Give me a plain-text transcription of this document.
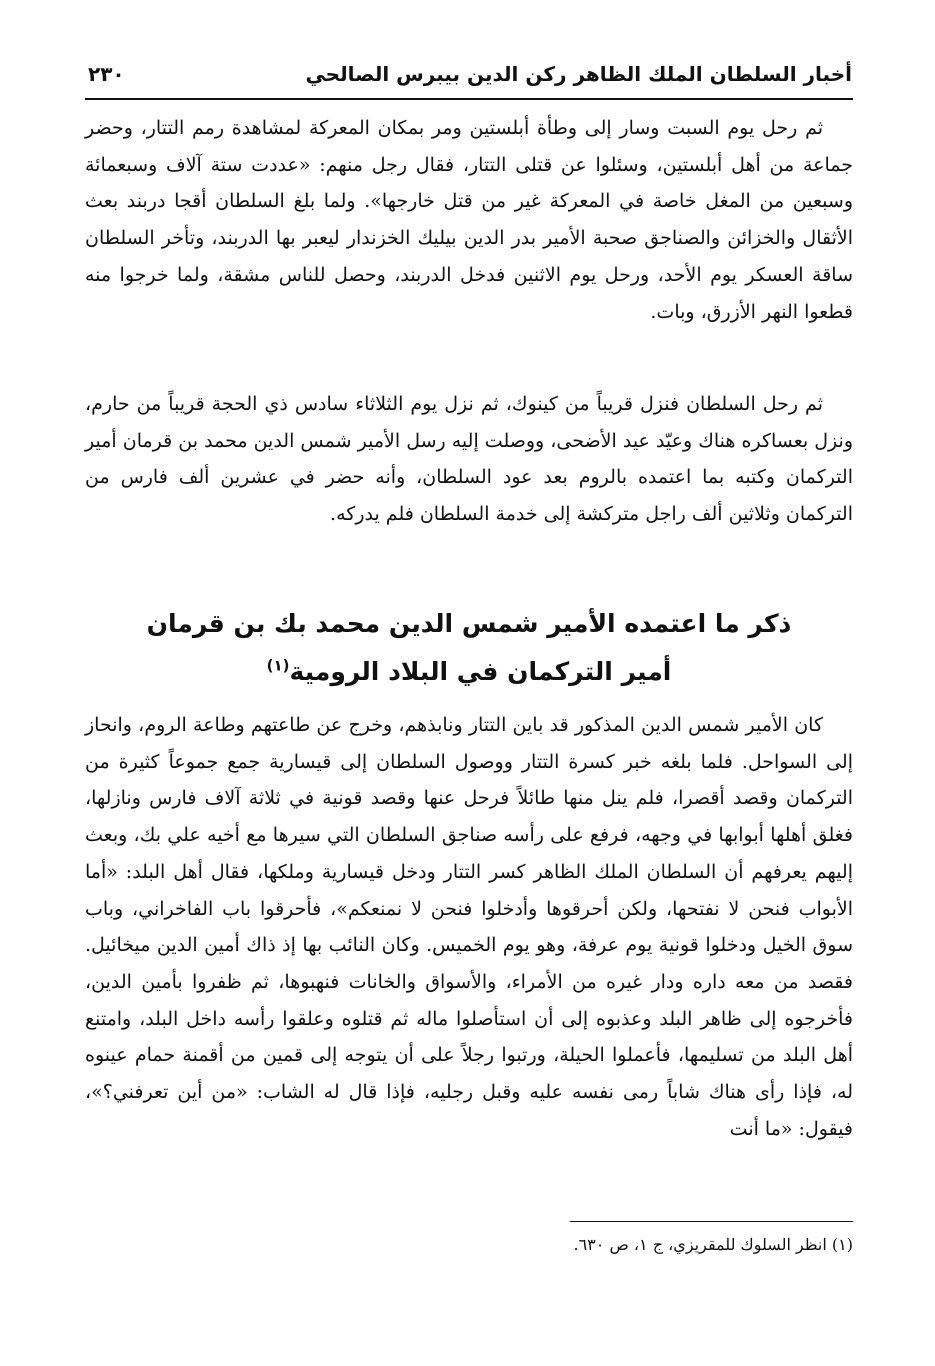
أخبار السلطان الملك الظاهر ركن الدين بيبرس الصالحي
٢٣٠

ثم رحل يوم السبت وسار إلى وطأة أبلستين ومر بمكان المعركة لمشاهدة رمم التتار، وحضر جماعة من أهل أبلستين، وسئلوا عن قتلى التتار، فقال رجل منهم: «عددت ستة آلاف وسبعمائة وسبعين من المغل خاصة في المعركة غير من قتل خارجها». ولما بلغ السلطان أقجا دربند بعث الأثقال والخزائن والصناجق صحبة الأمير بدر الدين بيليك الخزندار ليعبر بها الدربند، وتأخر السلطان ساقة العسكر يوم الأحد، ورحل يوم الاثنين فدخل الدربند، وحصل للناس مشقة، ولما خرجوا منه قطعوا النهر الأزرق، وبات.

ثم رحل السلطان فنزل قريباً من كينوك، ثم نزل يوم الثلاثاء سادس ذي الحجة قريباً من حارم، ونزل بعساكره هناك وعيّد عيد الأضحى، ووصلت إليه رسل الأمير شمس الدين محمد بن قرمان أمير التركمان وكتبه بما اعتمده بالروم بعد عود السلطان، وأنه حضر في عشرين ألف فارس من التركمان وثلاثين ألف راجل متركشة إلى خدمة السلطان فلم يدركه.

ذكر ما اعتمده الأمير شمس الدين محمد بك بن قرمان
أمير التركمان في البلاد الرومية$^{(١)}$

كان الأمير شمس الدين المذكور قد باين التتار ونابذهم، وخرج عن طاعتهم وطاعة الروم، وانحاز إلى السواحل. فلما بلغه خبر كسرة التتار ووصول السلطان إلى قيسارية جمع جموعاً كثيرة من التركمان وقصد أقصرا، فلم ينل منها طائلاً فرحل عنها وقصد قونية في ثلاثة آلاف فارس ونازلها، فغلق أهلها أبوابها في وجهه، فرفع على رأسه صناجق السلطان التي سيرها مع أخيه علي بك، وبعث إليهم يعرفهم أن السلطان الملك الظاهر كسر التتار ودخل قيسارية وملكها، فقال أهل البلد: «أما الأبواب فنحن لا نفتحها، ولكن أحرقوها وأدخلوا فنحن لا نمنعكم»، فأحرقوا باب الفاخراني، وباب سوق الخيل ودخلوا قونية يوم عرفة، وهو يوم الخميس. وكان النائب بها إذ ذاك أمين الدين ميخائيل. فقصد من معه داره ودار غيره من الأمراء، والأسواق والخانات فنهبوها، ثم ظفروا بأمين الدين، فأخرجوه إلى ظاهر البلد وعذبوه إلى أن استأصلوا ماله ثم قتلوه وعلقوا رأسه داخل البلد، وامتنع أهل البلد من تسليمها، فأعملوا الحيلة، ورتبوا رجلاً على أن يتوجه إلى قمين من أقمنة حمام عينوه له، فإذا رأى هناك شاباً رمى نفسه عليه وقبل رجليه، فإذا قال له الشاب: «من أين تعرفني؟»، فيقول: «ما أنت

(١) انظر السلوك للمقريزي، ج ١، ص ٦٣٠.
